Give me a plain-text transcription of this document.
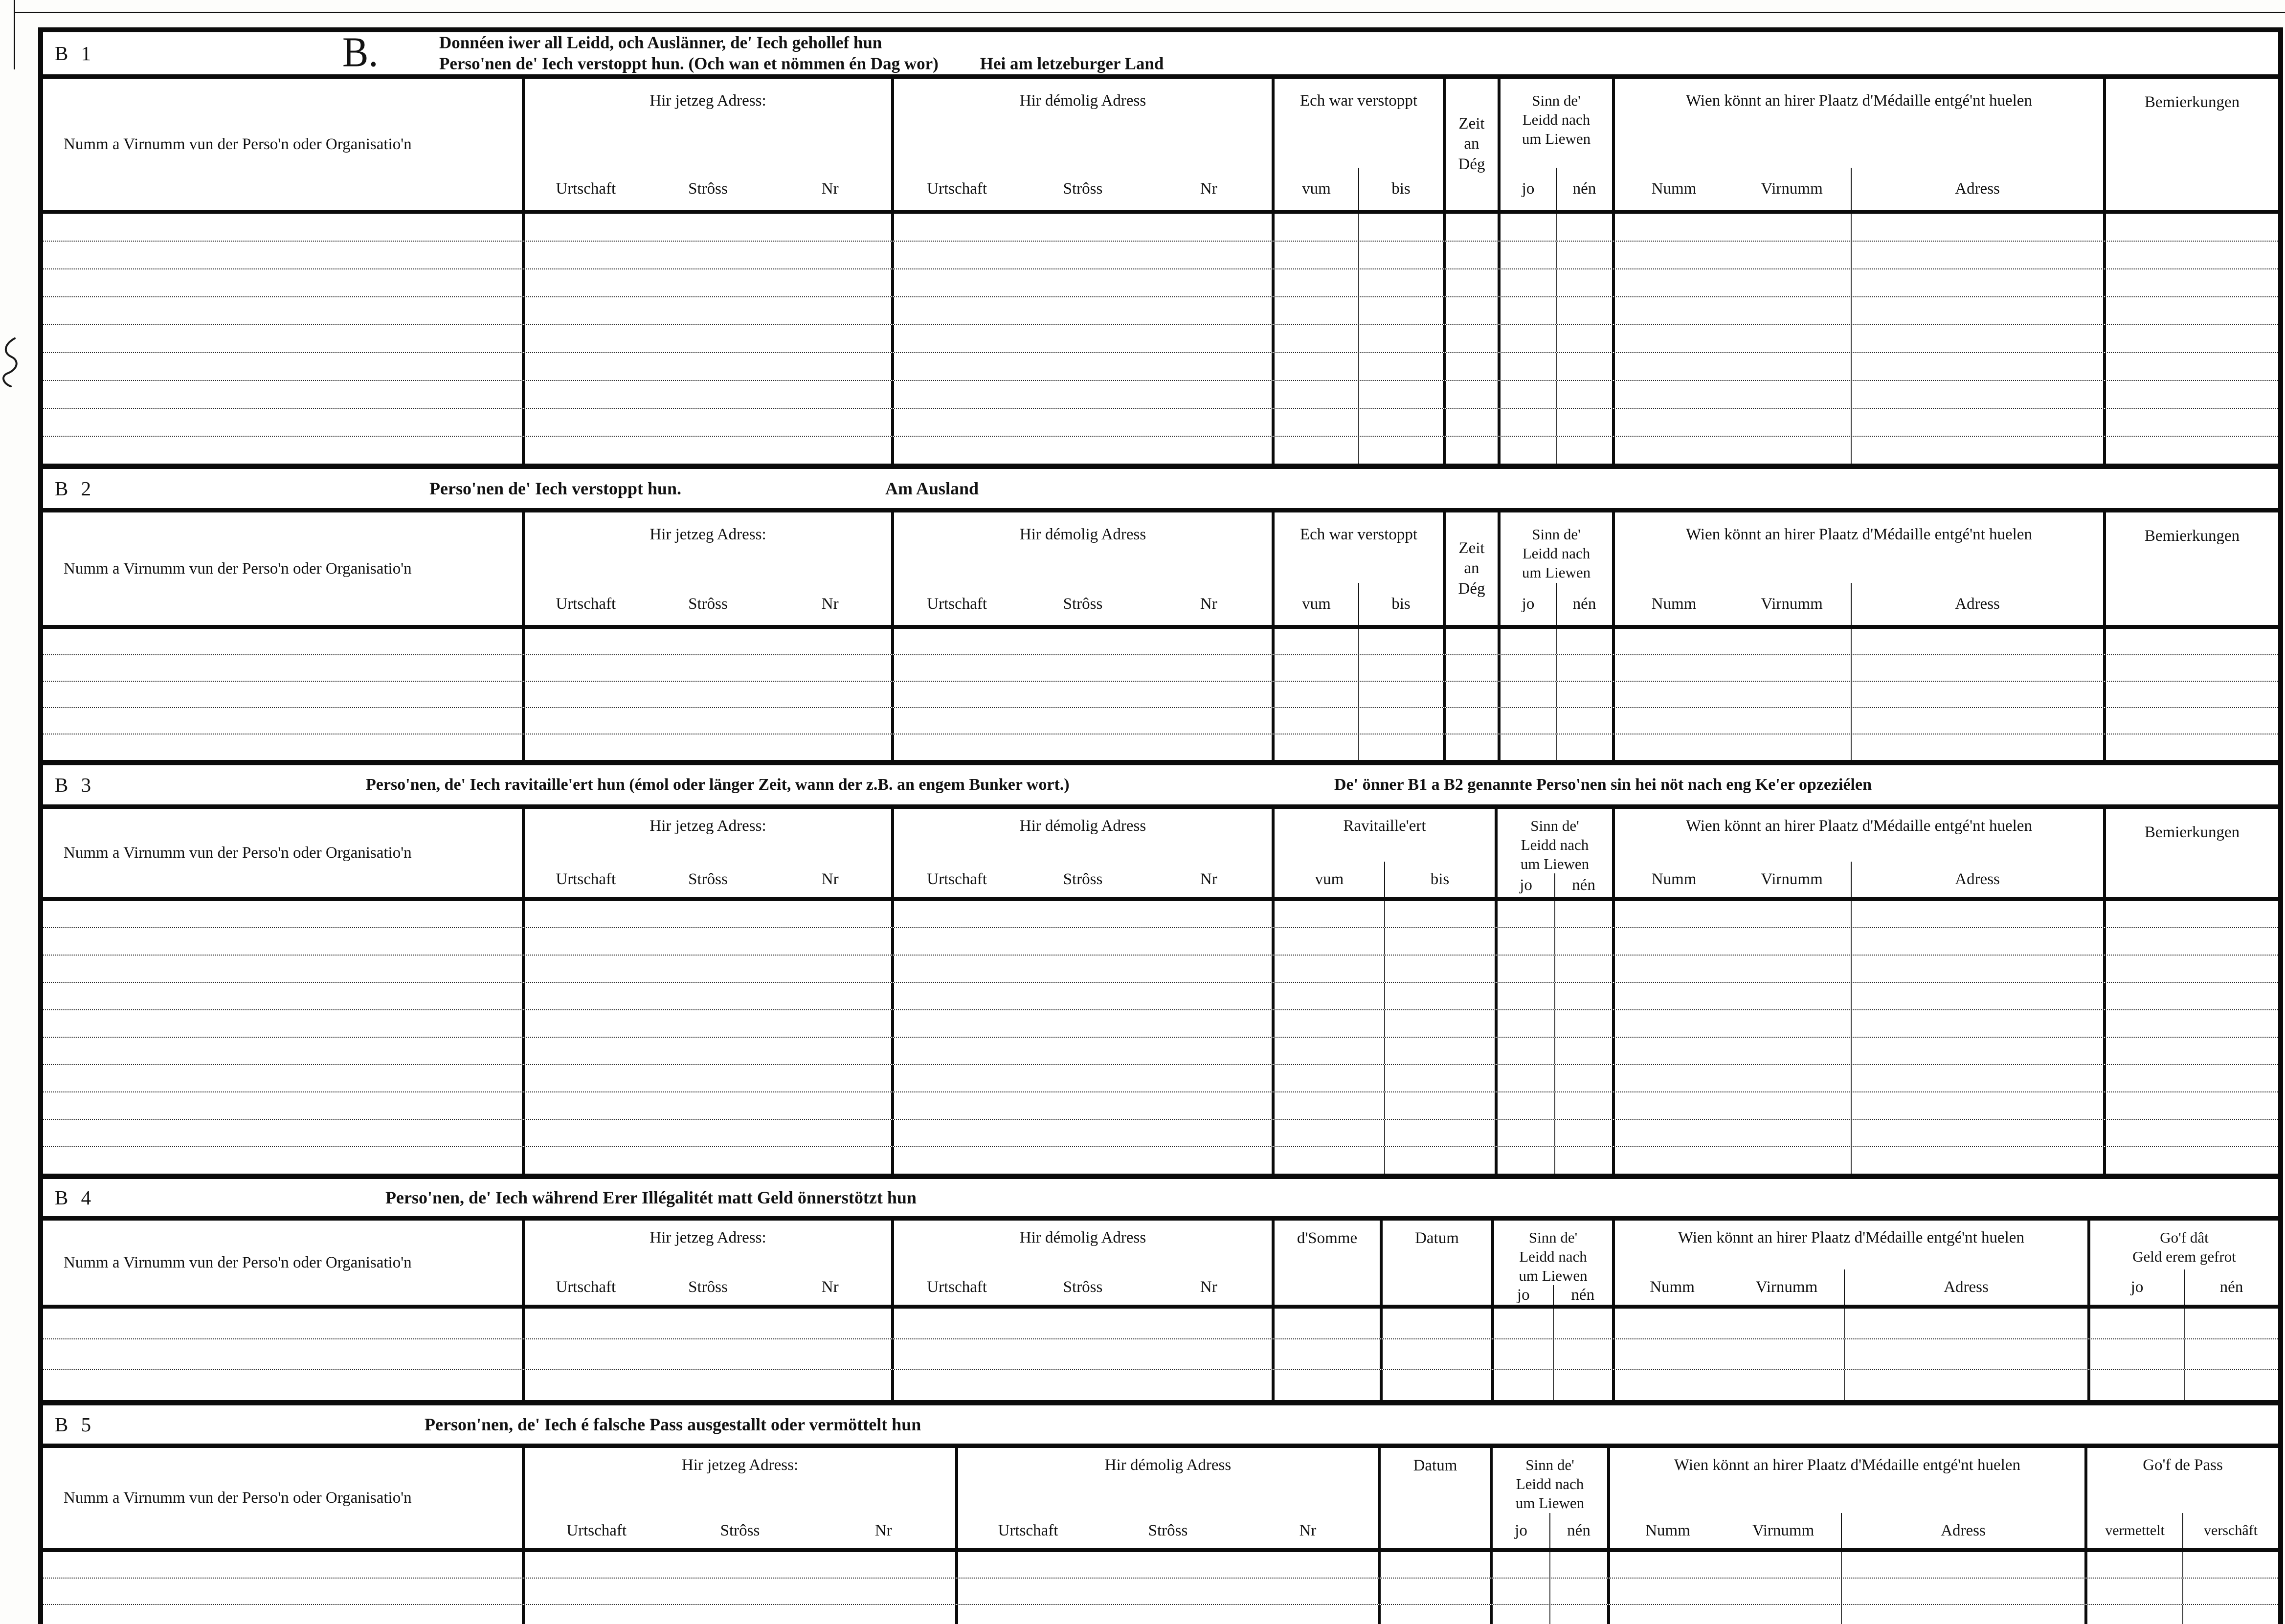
B 1	B.	Donnéen iwer all Leidd, och Auslänner, de' Iech gehollef hun
Perso'nen de' Iech verstoppt hun. (Och wan et nömmen én Dag wor) Hei am letzeburger Land
Numm a Virnumm vun der Perso'n oder Organisatio'n
Hir jetzeg Adress:
Urtschaft	Strôss	Nr
Hir démolig Adress
Urtschaft	Strôss	Nr
Ech war verstoppt
vum	bis
Zeit
an
Dég
Sinn de'
Leidd nach
um Liewen
jo	nén
Wien könnt an hirer Plaatz d'Médaille entgé'nt huelen
Numm	Virnumm	Adress
Bemierkungen
B 2	Perso'nen de' Iech verstoppt hun.	Am Ausland
Numm a Virnumm vun der Perso'n oder Organisatio'n
Hir jetzeg Adress:
Urtschaft	Strôss	Nr
Hir démolig Adress
Urtschaft	Strôss	Nr
Ech war verstoppt
vum	bis
Zeit
an
Dég
Sinn de'
Leidd nach
um Liewen
jo	nén
Wien könnt an hirer Plaatz d'Médaille entgé'nt huelen
Numm	Virnumm	Adress
Bemierkungen
B 3	Perso'nen, de' Iech ravitaille'ert hun (émol oder länger Zeit, wann der z.B. an engem Bunker wort.)	De' önner B1 a B2 genannte Perso'nen sin hei nöt nach eng Ke'er opzeziélen
Numm a Virnumm vun der Perso'n oder Organisatio'n
Hir jetzeg Adress:
Urtschaft	Strôss	Nr
Hir démolig Adress
Urtschaft	Strôss	Nr
Ravitaille'ert
vum	bis
Sinn de'
Leidd nach
um Liewen
jo	nén
Wien könnt an hirer Plaatz d'Médaille entgé'nt huelen
Numm	Virnumm	Adress
Bemierkungen
B 4	Perso'nen, de' Iech während Erer Illégalitét matt Geld önnerstötzt hun
Numm a Virnumm vun der Perso'n oder Organisatio'n
Hir jetzeg Adress:
Urtschaft	Strôss	Nr
Hir démolig Adress
Urtschaft	Strôss	Nr
d'Somme	Datum	Sinn de'
Leidd nach
um Liewen
jo	nén
Wien könnt an hirer Plaatz d'Médaille entgé'nt huelen
Numm	Virnumm	Adress
Go'f dât
Geld erem gefrot
jo	nén
B 5	Person'nen, de' Iech é falsche Pass ausgestallt oder vermöttelt hun
Numm a Virnumm vun der Perso'n oder Organisatio'n
Hir jetzeg Adress:
Urtschaft	Strôss	Nr
Hir démolig Adress
Urtschaft	Strôss	Nr
Datum	Sinn de'
Leidd nach
um Liewen
jo	nén
Wien könnt an hirer Plaatz d'Médaille entgé'nt huelen
Numm	Virnumm	Adress
Go'f de Pass
vermettelt	verschâft
